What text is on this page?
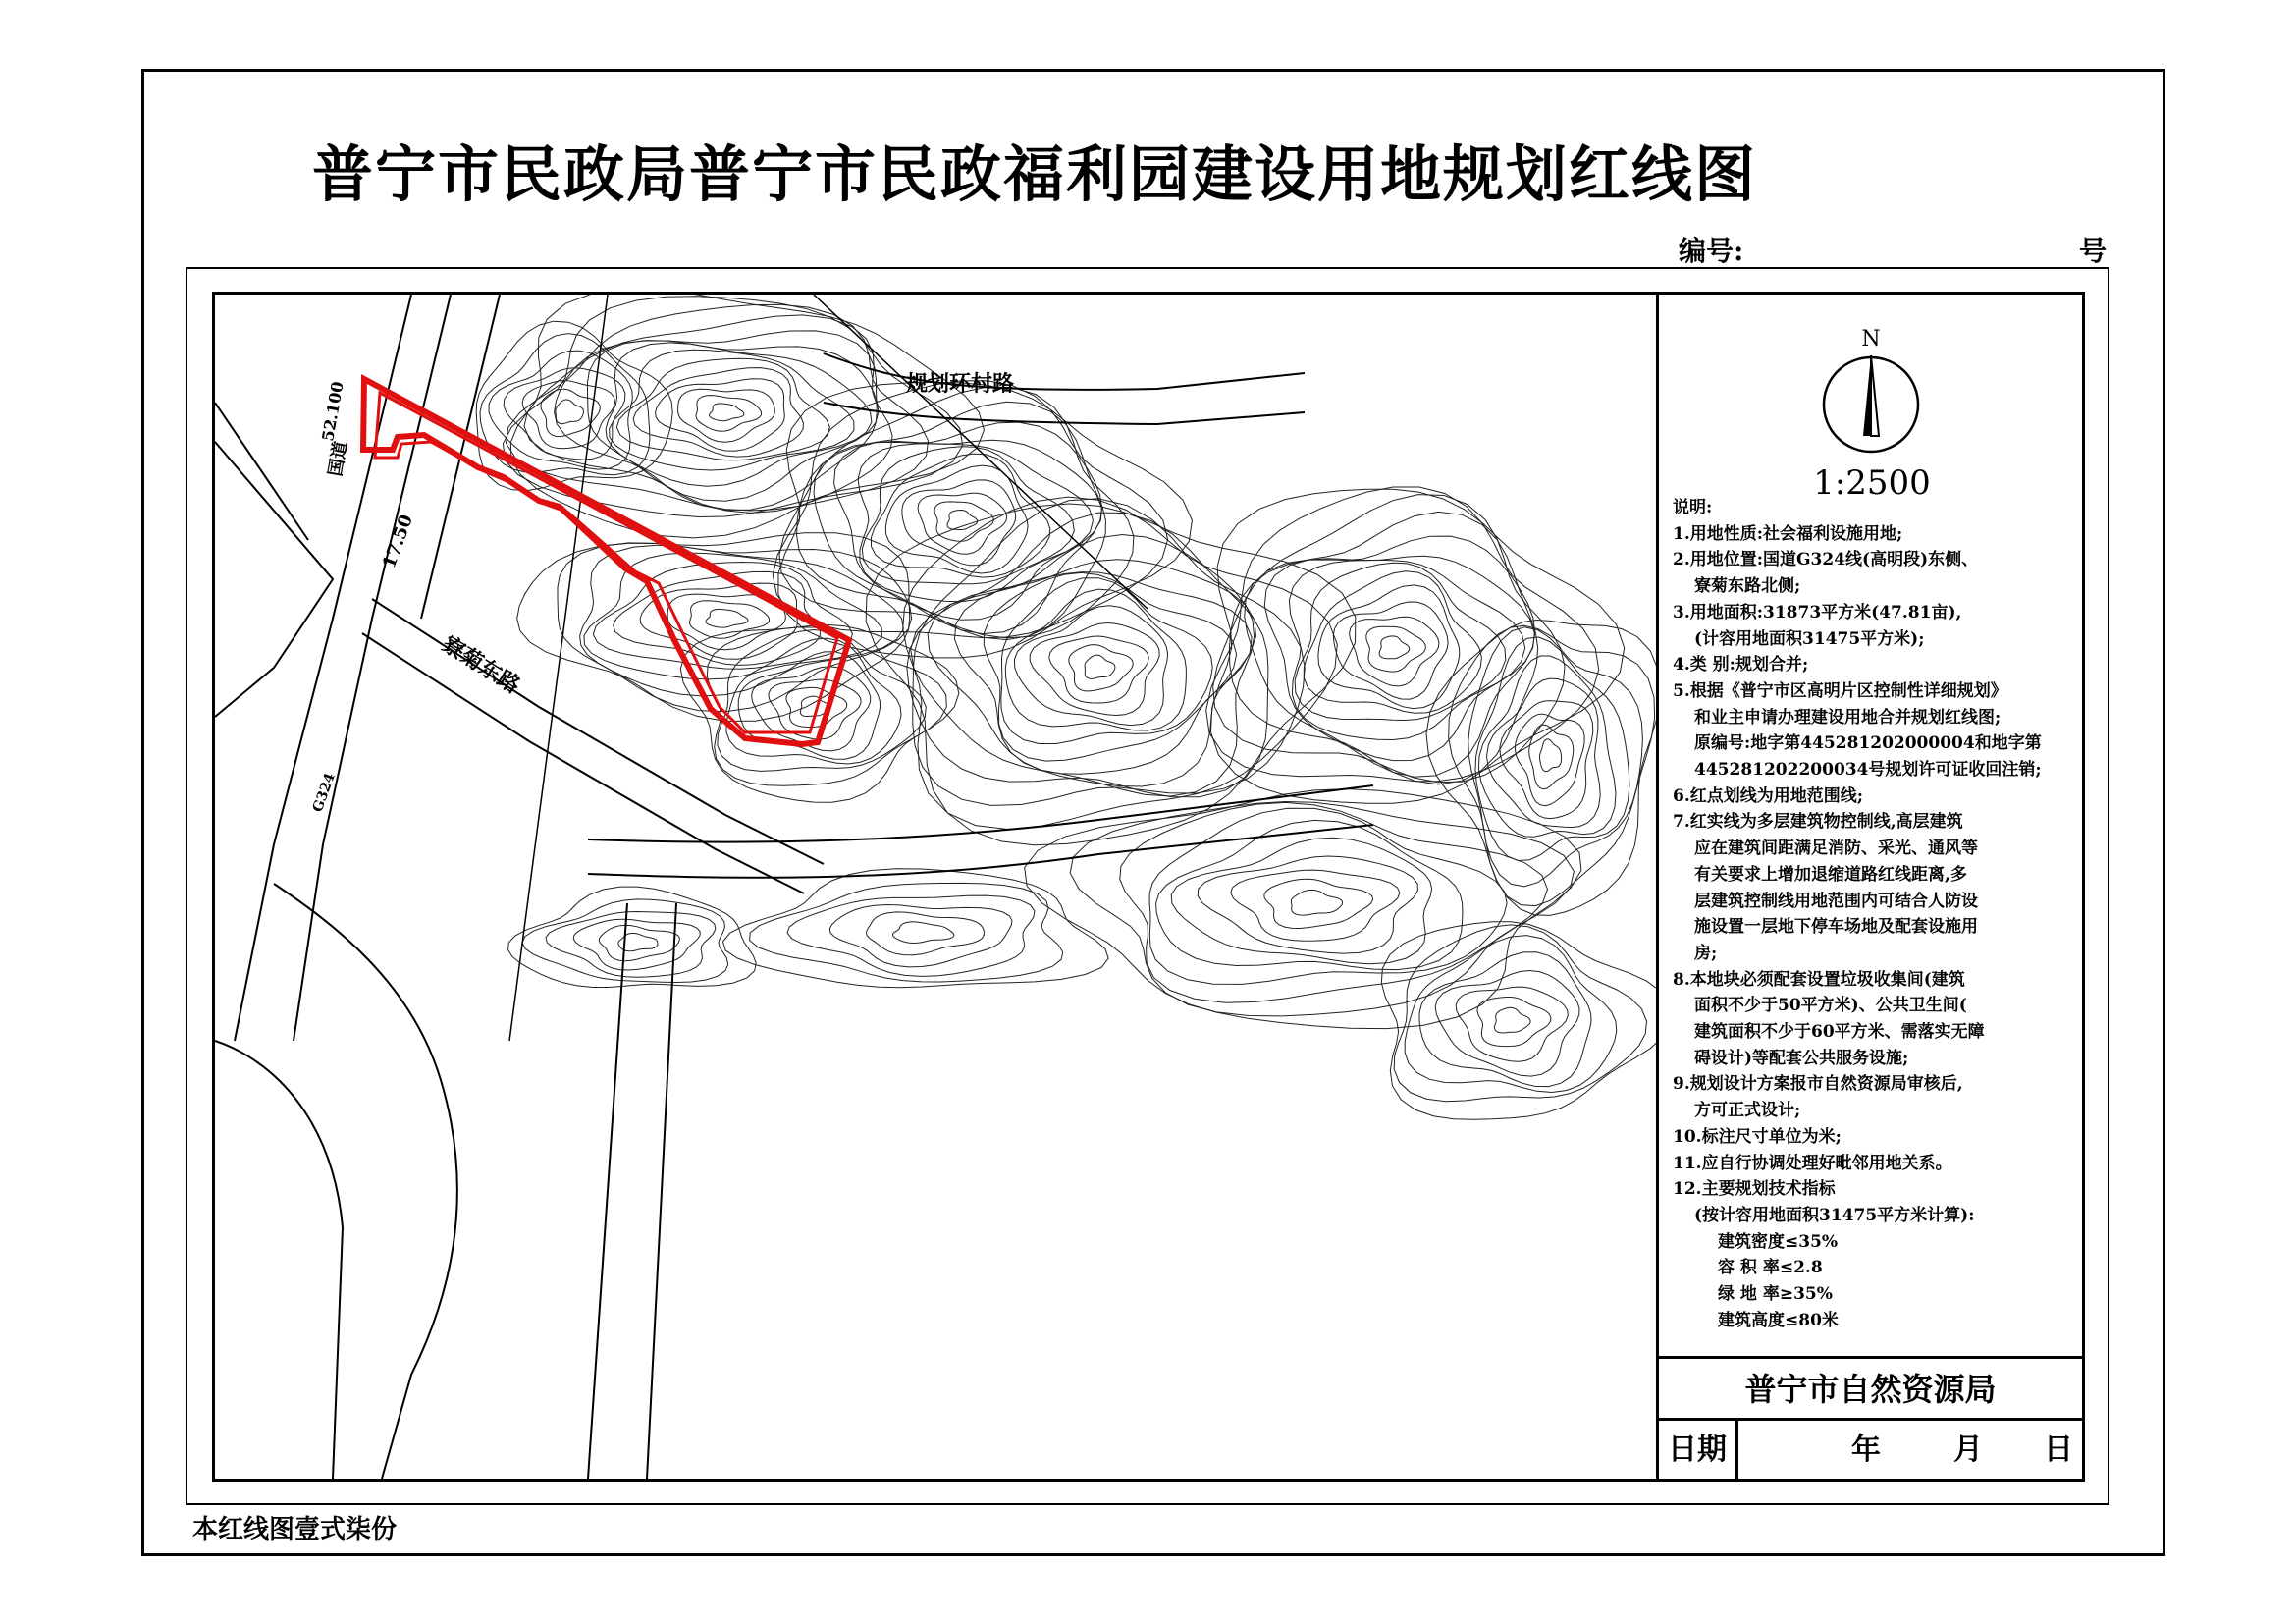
普宁市民政局普宁市民政福利园建设用地规划红线图
编号:	号
规划环村路
52.100
国道
17.50
G324
寮菊东路
N
1:2500
说明:
1.用地性质:社会福利设施用地;
2.用地位置:国道G324线(高明段)东侧、
寮菊东路北侧;
3.用地面积:31873平方米(47.81亩),
(计容用地面积31475平方米);
4.类 别:规划合并;
5.根据《普宁市区高明片区控制性详细规划》
和业主申请办理建设用地合并规划红线图;
原编号:地字第445281202000004和地字第
445281202200034号规划许可证收回注销;
6.红点划线为用地范围线;
7.红实线为多层建筑物控制线,高层建筑
应在建筑间距满足消防、采光、通风等
有关要求上增加退缩道路红线距离,多
层建筑控制线用地范围内可结合人防设
施设置一层地下停车场地及配套设施用
房;
8.本地块必须配套设置垃圾收集间(建筑
面积不少于50平方米)、公共卫生间(
建筑面积不少于60平方米、需落实无障
碍设计)等配套公共服务设施;
9.规划设计方案报市自然资源局审核后,
方可正式设计;
10.标注尺寸单位为米;
11.应自行协调处理好毗邻用地关系。
12.主要规划技术指标
(按计容用地面积31475平方米计算):
建筑密度≤35%
容 积 率≤2.8
绿 地 率≥35%
建筑高度≤80米
普宁市自然资源局
日期	年 月 日
本红线图壹式柒份
